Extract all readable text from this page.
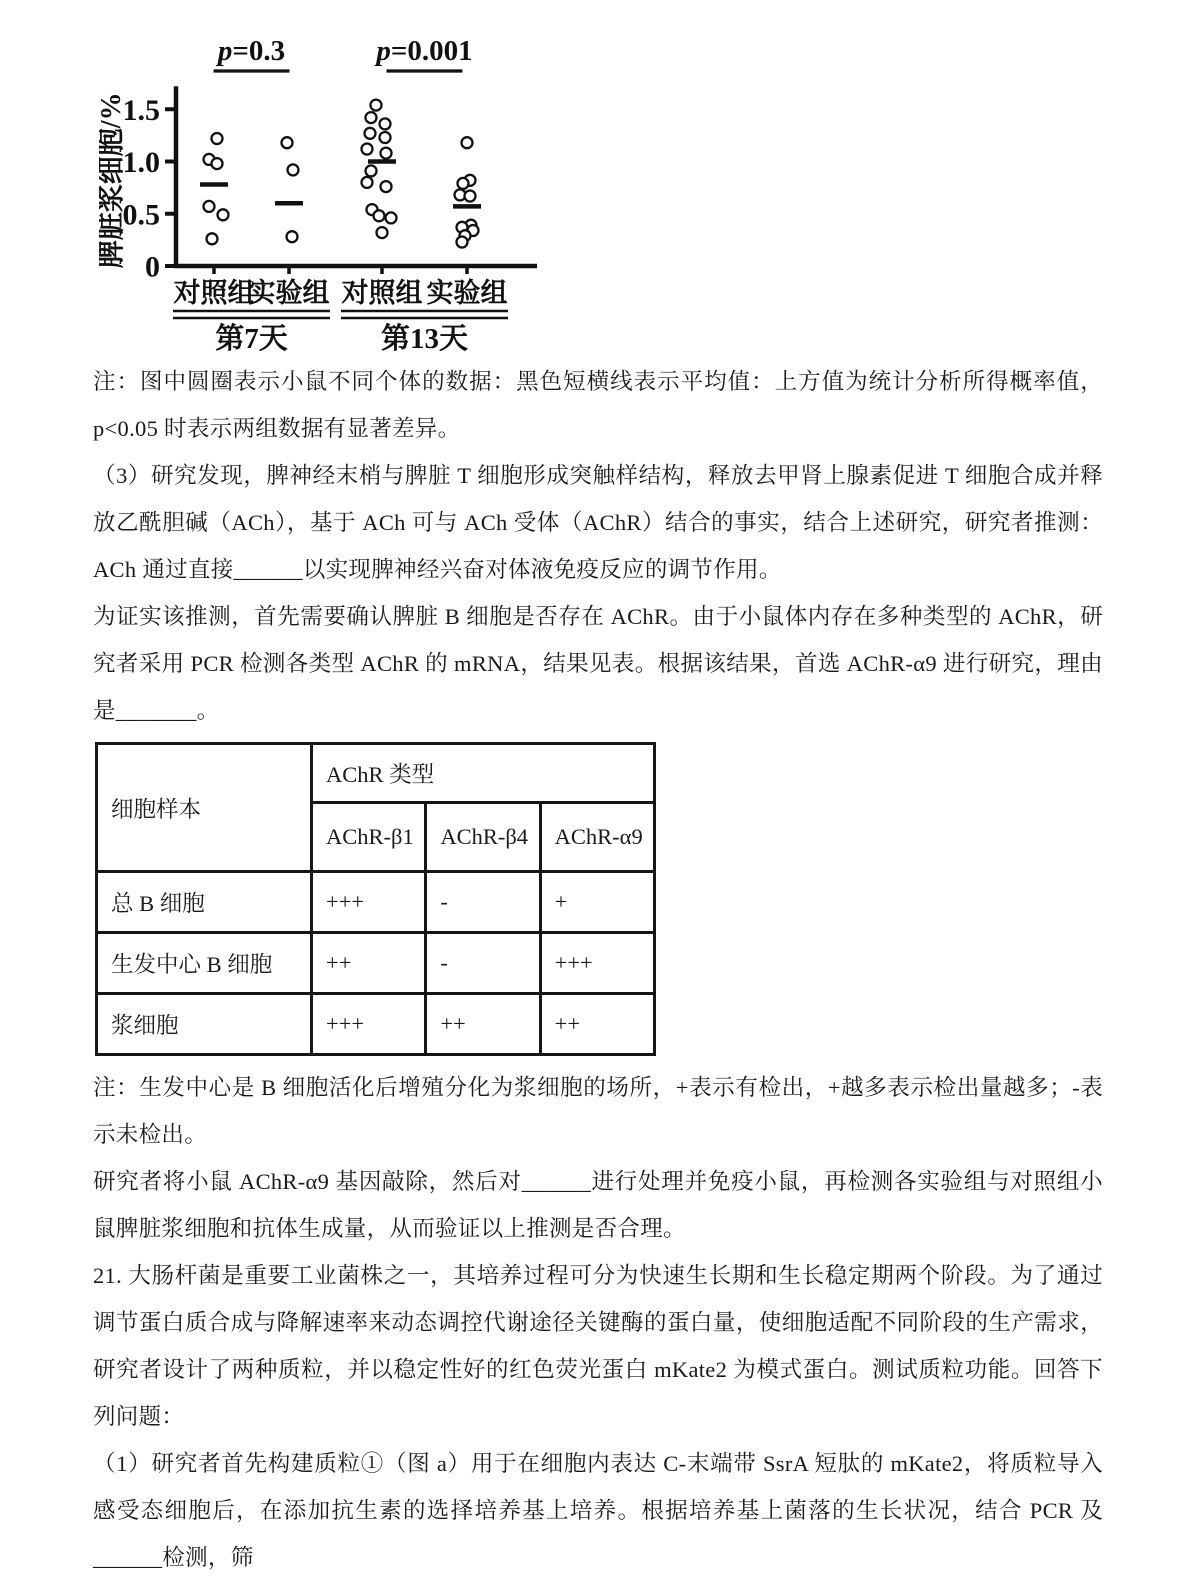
0
0.5
1.0
1.5
脾脏浆细胞/%
对照组
实验组 对照组 实验组
第7天	第13天
p=0.3	p=0.001

注：图中圆圈表示小鼠不同个体的数据：黑色短横线表示平均值：上方值为统计分析所得概率值，p<0.05 时表示两组数据有显著差异。

（3）研究发现，脾神经末梢与脾脏 T 细胞形成突触样结构，释放去甲肾上腺素促进 T 细胞合成并释放乙酰胆碱（ACh），基于 ACh 可与 ACh 受体（AChR）结合的事实，结合上述研究，研究者推测：ACh 通过直接______以实现脾神经兴奋对体液免疫反应的调节作用。

为证实该推测，首先需要确认脾脏 B 细胞是否存在 AChR。由于小鼠体内存在多种类型的 AChR，研究者采用 PCR 检测各类型 AChR 的 mRNA，结果见表。根据该结果，首选 AChR-α9 进行研究，理由是_______。

细胞样本	AChR 类型		
	AChR-β1	AChR-β4	AChR-α9
总 B 细胞	+++	-	+
生发中心 B 细胞	++	-	+++
浆细胞	+++	++	++

注：生发中心是 B 细胞活化后增殖分化为浆细胞的场所，+表示有检出，+越多表示检出量越多；-表示未检出。

研究者将小鼠 AChR-α9 基因敲除，然后对______进行处理并免疫小鼠，再检测各实验组与对照组小鼠脾脏浆细胞和抗体生成量，从而验证以上推测是否合理。

21. 大肠杆菌是重要工业菌株之一，其培养过程可分为快速生长期和生长稳定期两个阶段。为了通过调节蛋白质合成与降解速率来动态调控代谢途径关键酶的蛋白量，使细胞适配不同阶段的生产需求，研究者设计了两种质粒，并以稳定性好的红色荧光蛋白 mKate2 为模式蛋白。测试质粒功能。回答下列问题：

（1）研究者首先构建质粒①（图 a）用于在细胞内表达 C-末端带 SsrA 短肽的 mKate2，将质粒导入感受态细胞后，在添加抗生素的选择培养基上培养。根据培养基上菌落的生长状况，结合 PCR 及______检测，筛
